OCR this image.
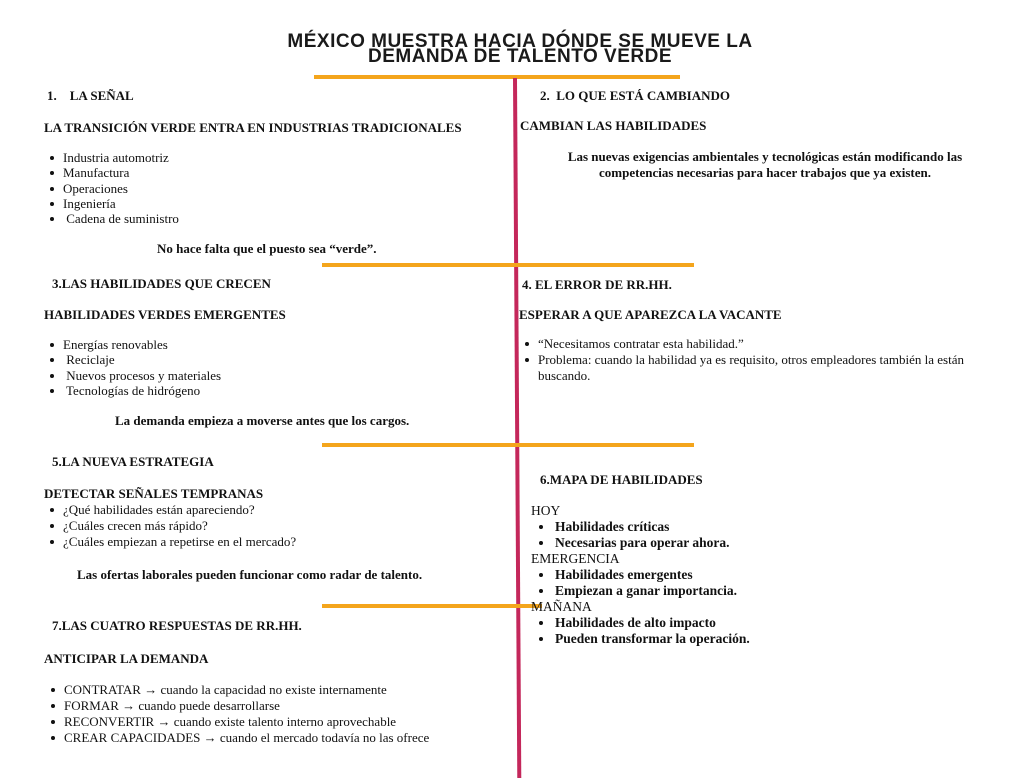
MÉXICO MUESTRA HACIA DÓNDE SE MUEVE LA
DEMANDA DE TALENTO VERDE
1.    LA SEÑAL
LA TRANSICIÓN VERDE ENTRA EN INDUSTRIAS TRADICIONALES
Industria automotriz
Manufactura
Operaciones
Ingeniería
Cadena de suministro
No hace falta que el puesto sea “verde”.
2.  LO QUE ESTÁ CAMBIANDO
CAMBIAN LAS HABILIDADES
Las nuevas exigencias ambientales y tecnológicas están modificando las
competencias necesarias para hacer trabajos que ya existen.
3.LAS HABILIDADES QUE CRECEN
HABILIDADES VERDES EMERGENTES
Energías renovables
Reciclaje
Nuevos procesos y materiales
Tecnologías de hidrógeno
La demanda empieza a moverse antes que los cargos.
4. EL ERROR DE RR.HH.
ESPERAR A QUE APAREZCA LA VACANTE
“Necesitamos contratar esta habilidad.”
Problema: cuando la habilidad ya es requisito, otros empleadores también la están buscando.
5.LA NUEVA ESTRATEGIA
DETECTAR SEÑALES TEMPRANAS
¿Qué habilidades están apareciendo?
¿Cuáles crecen más rápido?
¿Cuáles empiezan a repetirse en el mercado?
Las ofertas laborales pueden funcionar como radar de talento.
6.MAPA DE HABILIDADES
HOY
Habilidades críticas
Necesarias para operar ahora.
EMERGENCIA
Habilidades emergentes
Empiezan a ganar importancia.
MAÑANA
Habilidades de alto impacto
Pueden transformar la operación.
7.LAS CUATRO RESPUESTAS DE RR.HH.
ANTICIPAR LA DEMANDA
CONTRATAR → cuando la capacidad no existe internamente
FORMAR → cuando puede desarrollarse
RECONVERTIR → cuando existe talento interno aprovechable
CREAR CAPACIDADES → cuando el mercado todavía no las ofrece
